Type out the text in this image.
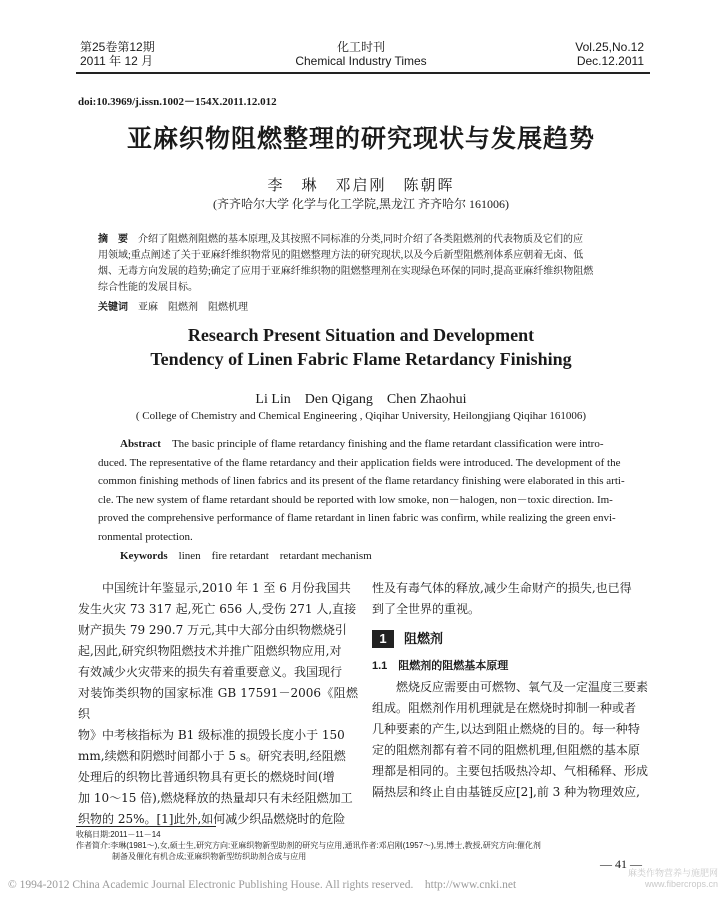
第25卷第12期
2011 年 12 月
化工时刊
Chemical Industry Times
Vol.25,No.12
Dec.12.2011
doi:10.3969/j.issn.1002－154X.2011.12.012
亚麻织物阻燃整理的研究现状与发展趋势
李　琳　邓启刚　陈朝晖
(齐齐哈尔大学 化学与化工学院,黑龙江 齐齐哈尔 161006)
摘　要　 介绍了阻燃剂阻燃的基本原理,及其按照不同标准的分类,同时介绍了各类阻燃剂的代表物质及它们的应
用领域;重点阐述了关于亚麻纤维织物常见的阻燃整理方法的研究现状,以及今后新型阻燃剂体系应朝着无卤、低
烟、无毒方向发展的趋势;确定了应用于亚麻纤维织物的阻燃整理剂在实现绿色环保的同时,提高亚麻纤维织物阻燃
综合性能的发展目标。
关键词　 亚麻　阻燃剂　阻燃机理
Research Present Situation and Development
Tendency of Linen Fabric Flame Retardancy Finishing
Li Lin　Den Qigang　Chen Zhaohui
( College of Chemistry and Chemical Engineering , Qiqihar University, Heilongjiang Qiqihar 161006)
　　Abstract　 The basic principle of flame retardancy finishing and the flame retardant classification were intro-
duced. The representative of the flame retardancy and their application fields were introduced. The development of the
common finishing methods of linen fabrics and its present of the flame retardancy finishing were elaborated in this arti-
cle. The new system of flame retardant should be reported with low smoke, non－halogen, non－toxic direction. Im-
proved the comprehensive performance of flame retardant in linen fabric was confirm, while realizing the green envi-
ronmental protection.
　　Keywords　 linen　fire retardant　retardant mechanism
　　中国统计年鉴显示,2010 年 1 至 6 月份我国共
发生火灾 73 317 起,死亡 656 人,受伤 271 人,直接
财产损失 79 290.7 万元,其中大部分由织物燃烧引
起,因此,研究织物阻燃技术并推广阻燃织物应用,对
有效减少火灾带来的损失有着重要意义。我国现行
对装饰类织物的国家标准 GB 17591－2006《阻燃织
物》中考核指标为 B1 级标准的损毁长度小于 150
mm,续燃和阴燃时间都小于 5 s。研究表明,经阻燃
处理后的织物比普通织物具有更长的燃烧时间(增
加 10～15 倍),燃烧释放的热量却只有未经阻燃加工
织物的 25%。[1]此外,如何减少织品燃烧时的危险
性及有毒气体的释放,减少生命财产的损失,也已得
到了全世界的重视。
1 阻燃剂
1.1　阻燃剂的阻燃基本原理
　　燃烧反应需要由可燃物、氧气及一定温度三要素
组成。阻燃剂作用机理就是在燃烧时抑制一种或者
几种要素的产生,以达到阻止燃烧的目的。每一种特
定的阻燃剂都有着不同的阻燃机理,但阻燃的基本原
理都是相同的。主要包括吸热冷却、气相稀释、形成
隔热层和终止自由基链反应[2],前 3 种为物理效应,
收稿日期:2011－11－14
作者简介:李琳(1981～),女,硕士生,研究方向:亚麻织物新型助剂的研究与应用,通讯作者:邓启刚(1957～),男,博士,教授,研究方向:催化剂
制备及催化有机合成;亚麻织物新型纺织助剂合成与应用
— 41 —
© 1994-2012 China Academic Journal Electronic Publishing House. All rights reserved.　http://www.cnki.net
麻类作物营养与施肥网 www.fibercrops.cn
